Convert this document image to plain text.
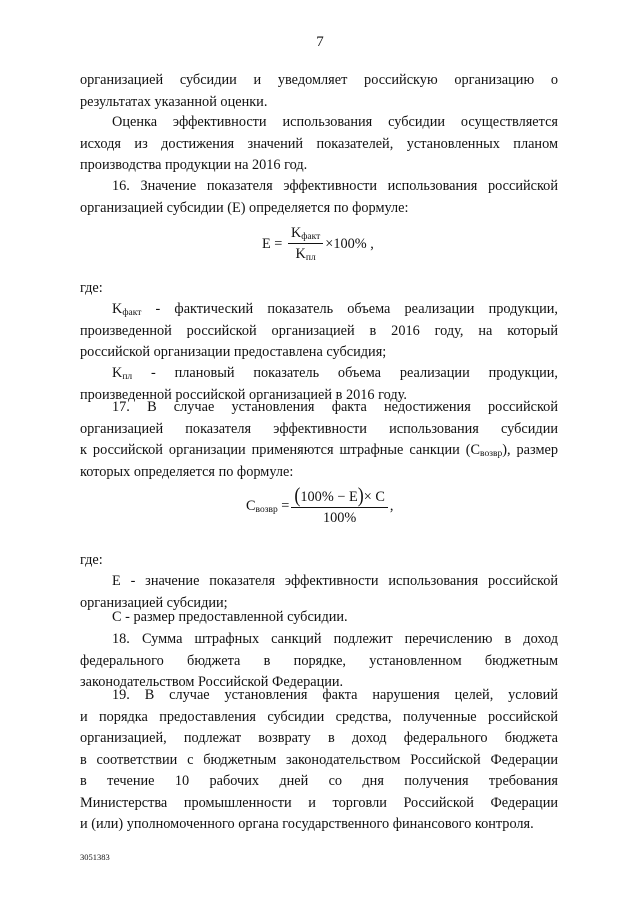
7

организацией субсидии и уведомляет российскую организацию о
результатах указанной оценки.

Оценка эффективности использования субсидии осуществляется
исходя из достижения значений показателей, установленных планом
производства продукции на 2016 год.

16. Значение показателя эффективности использования российской
организацией субсидии (E) определяется по формуле:

E =
$\frac{K_{факт}}{K_{пл}} \times 100\%$ ,
где:

$K_{факт}$ - фактический показатель объема реализации продукции,
произведенной российской организацией в 2016 году, на который
российской организации предоставлена субсидия;

$K_{пл}$ - плановый показатель объема реализации продукции,
произведенной российской организацией в 2016 году.

17. В случае установления факта недостижения российской
организацией показателя эффективности использования субсидии
к российской организации применяются штрафные санкции $(C_{возвр})$, размер
которых определяется по формуле:

$C_{возвр}$
= $\frac{(100\% - E)\times C}{100\%}$ ,
где:

E - значение показателя эффективности использования российской
организацией субсидии;

C - размер предоставленной субсидии.

18. Сумма штрафных санкций подлежит перечислению в доход
федерального бюджета в порядке, установленном бюджетным
законодательством Российской Федерации.

19. В случае установления факта нарушения целей, условий
и порядка предоставления субсидии средства, полученные российской
организацией, подлежат возврату в доход федерального бюджета
в соответствии с бюджетным законодательством Российской Федерации
в течение 10 рабочих дней со дня получения требования
Министерства промышленности и торговли Российской Федерации
и (или) уполномоченного органа государственного финансового контроля.

3051383
